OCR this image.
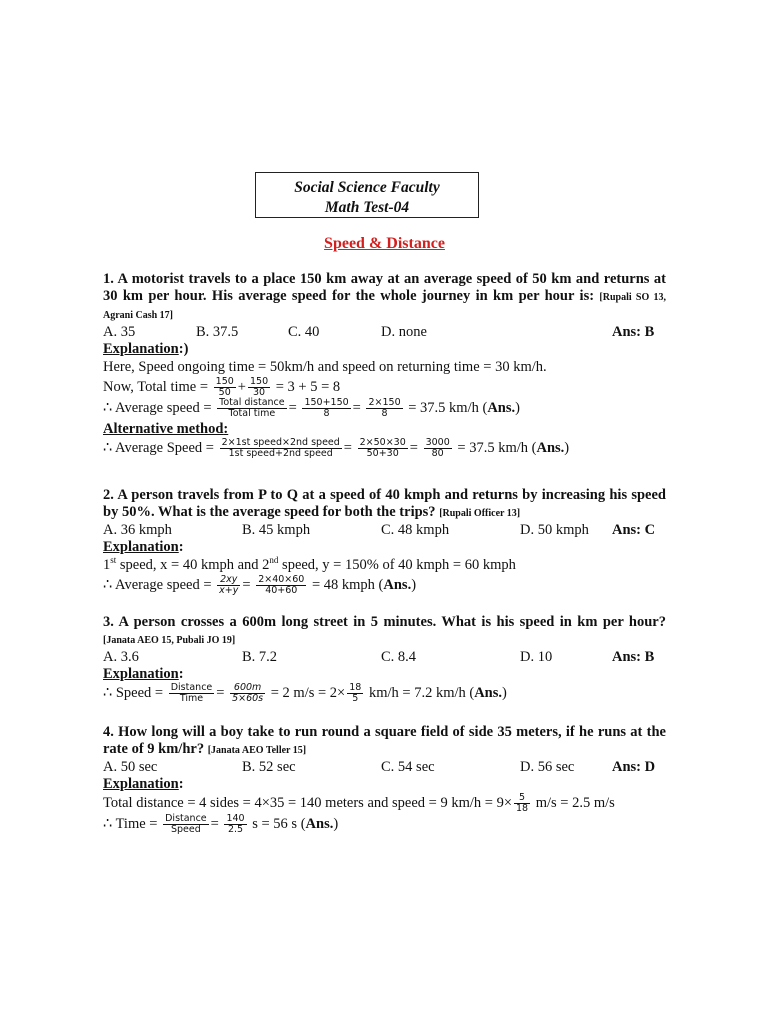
Social Science Faculty
Math Test-04
Speed & Distance

1. A motorist travels to a place 150 km away at an average speed of 50 km and returns at 30 km per hour. His average speed for the whole journey in km per hour is: [Rupali SO 13, Agrani Cash 17]

A. 35	B. 37.5	C. 40	D. none	Ans: B
Explanation:)
Here, Speed ongoing time = 50km/h and speed on returning time = 30 km/h.
Now, Total time = $\frac{150}{50} + \frac{150}{30} = 3 + 5 = 8$
∴ Average speed = $\frac{\text{Total distance}}{\text{Total time}} = \frac{150+150}{8} = \frac{2\times 150}{8} = 37.5$ km/h (Ans.)
Alternative method:
∴ Average Speed = $\frac{\text{2×1st speed×2nd speed}}{\text{1st speed+2nd speed}} = \frac{2\times 50\times 30}{50+30} = \frac{3000}{80} = 37.5$ km/h (Ans.)

2. A person travels from P to Q at a speed of 40 kmph and returns by increasing his speed by 50%. What is the average speed for both the trips? [Rupali Officer 13]

A. 36 kmph	B. 45 kmph	C. 48 kmph	D. 50 kmph Ans: C
Explanation:
1st speed, x = 40 kmph and 2nd speed, y = 150% of 40 kmph = 60 kmph
∴ Average speed = $\frac{2xy}{x+y} = \frac{2\times 40\times 60}{40+60} = 48$ kmph (Ans.)

3. A person crosses a 600m long street in 5 minutes. What is his speed in km per hour? [Janata AEO 15, Pubali JO 19]

A. 3.6	B. 7.2	C. 8.4	D. 10	Ans: B
Explanation:
∴ Speed = $\frac{\text{Distance}}{\text{Time}} = \frac{600m}{5\times 60s} = 2$ $m/s = 2\times \frac{18}{5} km/h = 7.2$ km/h (Ans.)

4. How long will a boy take to run round a square field of side 35 meters, if he runs at the rate of 9 km/hr? [Janata AEO Teller 15]

A. 50 sec	B. 52 sec	C. 54 sec	D. 56 sec	Ans: D
Explanation:
Total distance = 4 sides = 4×35 = 140 meters and speed = 9 $km/h = 9\times \frac{5}{18} m/s = 2.5$ m/s
∴ Time = $\frac{\text{Distance}}{\text{Speed}} = \frac{140}{2.5}$ s = 56 s (Ans.)
